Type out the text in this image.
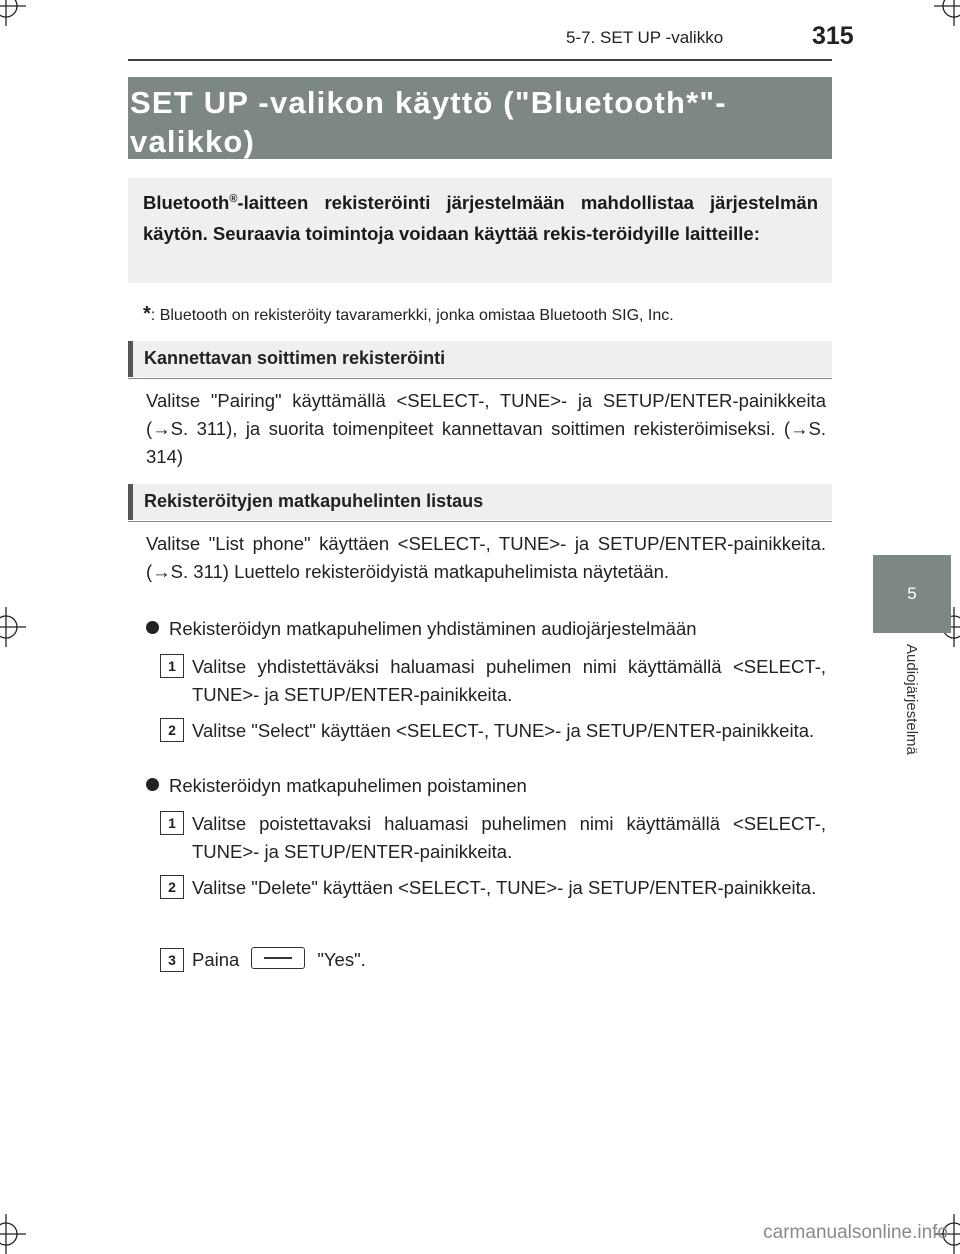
5-7. SET UP -valikko	315
5
Audiojärjestelmä
SET UP -valikon käyttö ("Bluetooth*"-valikko)
Bluetooth®-laitteen rekisteröinti järjestelmään mahdollistaa järjestelmän käytön. Seuraavia toimintoja voidaan käyttää rekis-teröidyille laitteille:
*: Bluetooth on rekisteröity tavaramerkki, jonka omistaa Bluetooth SIG, Inc.
Kannettavan soittimen rekisteröinti
Valitse "Pairing" käyttämällä <SELECT-, TUNE>- ja SETUP/ENTER-painikkeita (→S. 311), ja suorita toimenpiteet kannettavan soittimen rekisteröimiseksi. (→S. 314)
Rekisteröityjen matkapuhelinten listaus
Valitse "List phone" käyttäen <SELECT-, TUNE>- ja SETUP/ENTER-painikkeita. (→S. 311) Luettelo rekisteröidyistä matkapuhelimista näytetään.
Rekisteröidyn matkapuhelimen yhdistäminen audiojärjestelmään
1 Valitse yhdistettäväksi haluamasi puhelimen nimi käyttämällä <SELECT-, TUNE>- ja SETUP/ENTER-painikkeita.
2 Valitse "Select" käyttäen <SELECT-, TUNE>- ja SETUP/ENTER-painikkeita.
Rekisteröidyn matkapuhelimen poistaminen
1 Valitse poistettavaksi haluamasi puhelimen nimi käyttämällä <SELECT-, TUNE>- ja SETUP/ENTER-painikkeita.
2 Valitse "Delete" käyttäen <SELECT-, TUNE>- ja SETUP/ENTER-painikkeita.
3 Paina	"Yes".
carmanualsonline.info
